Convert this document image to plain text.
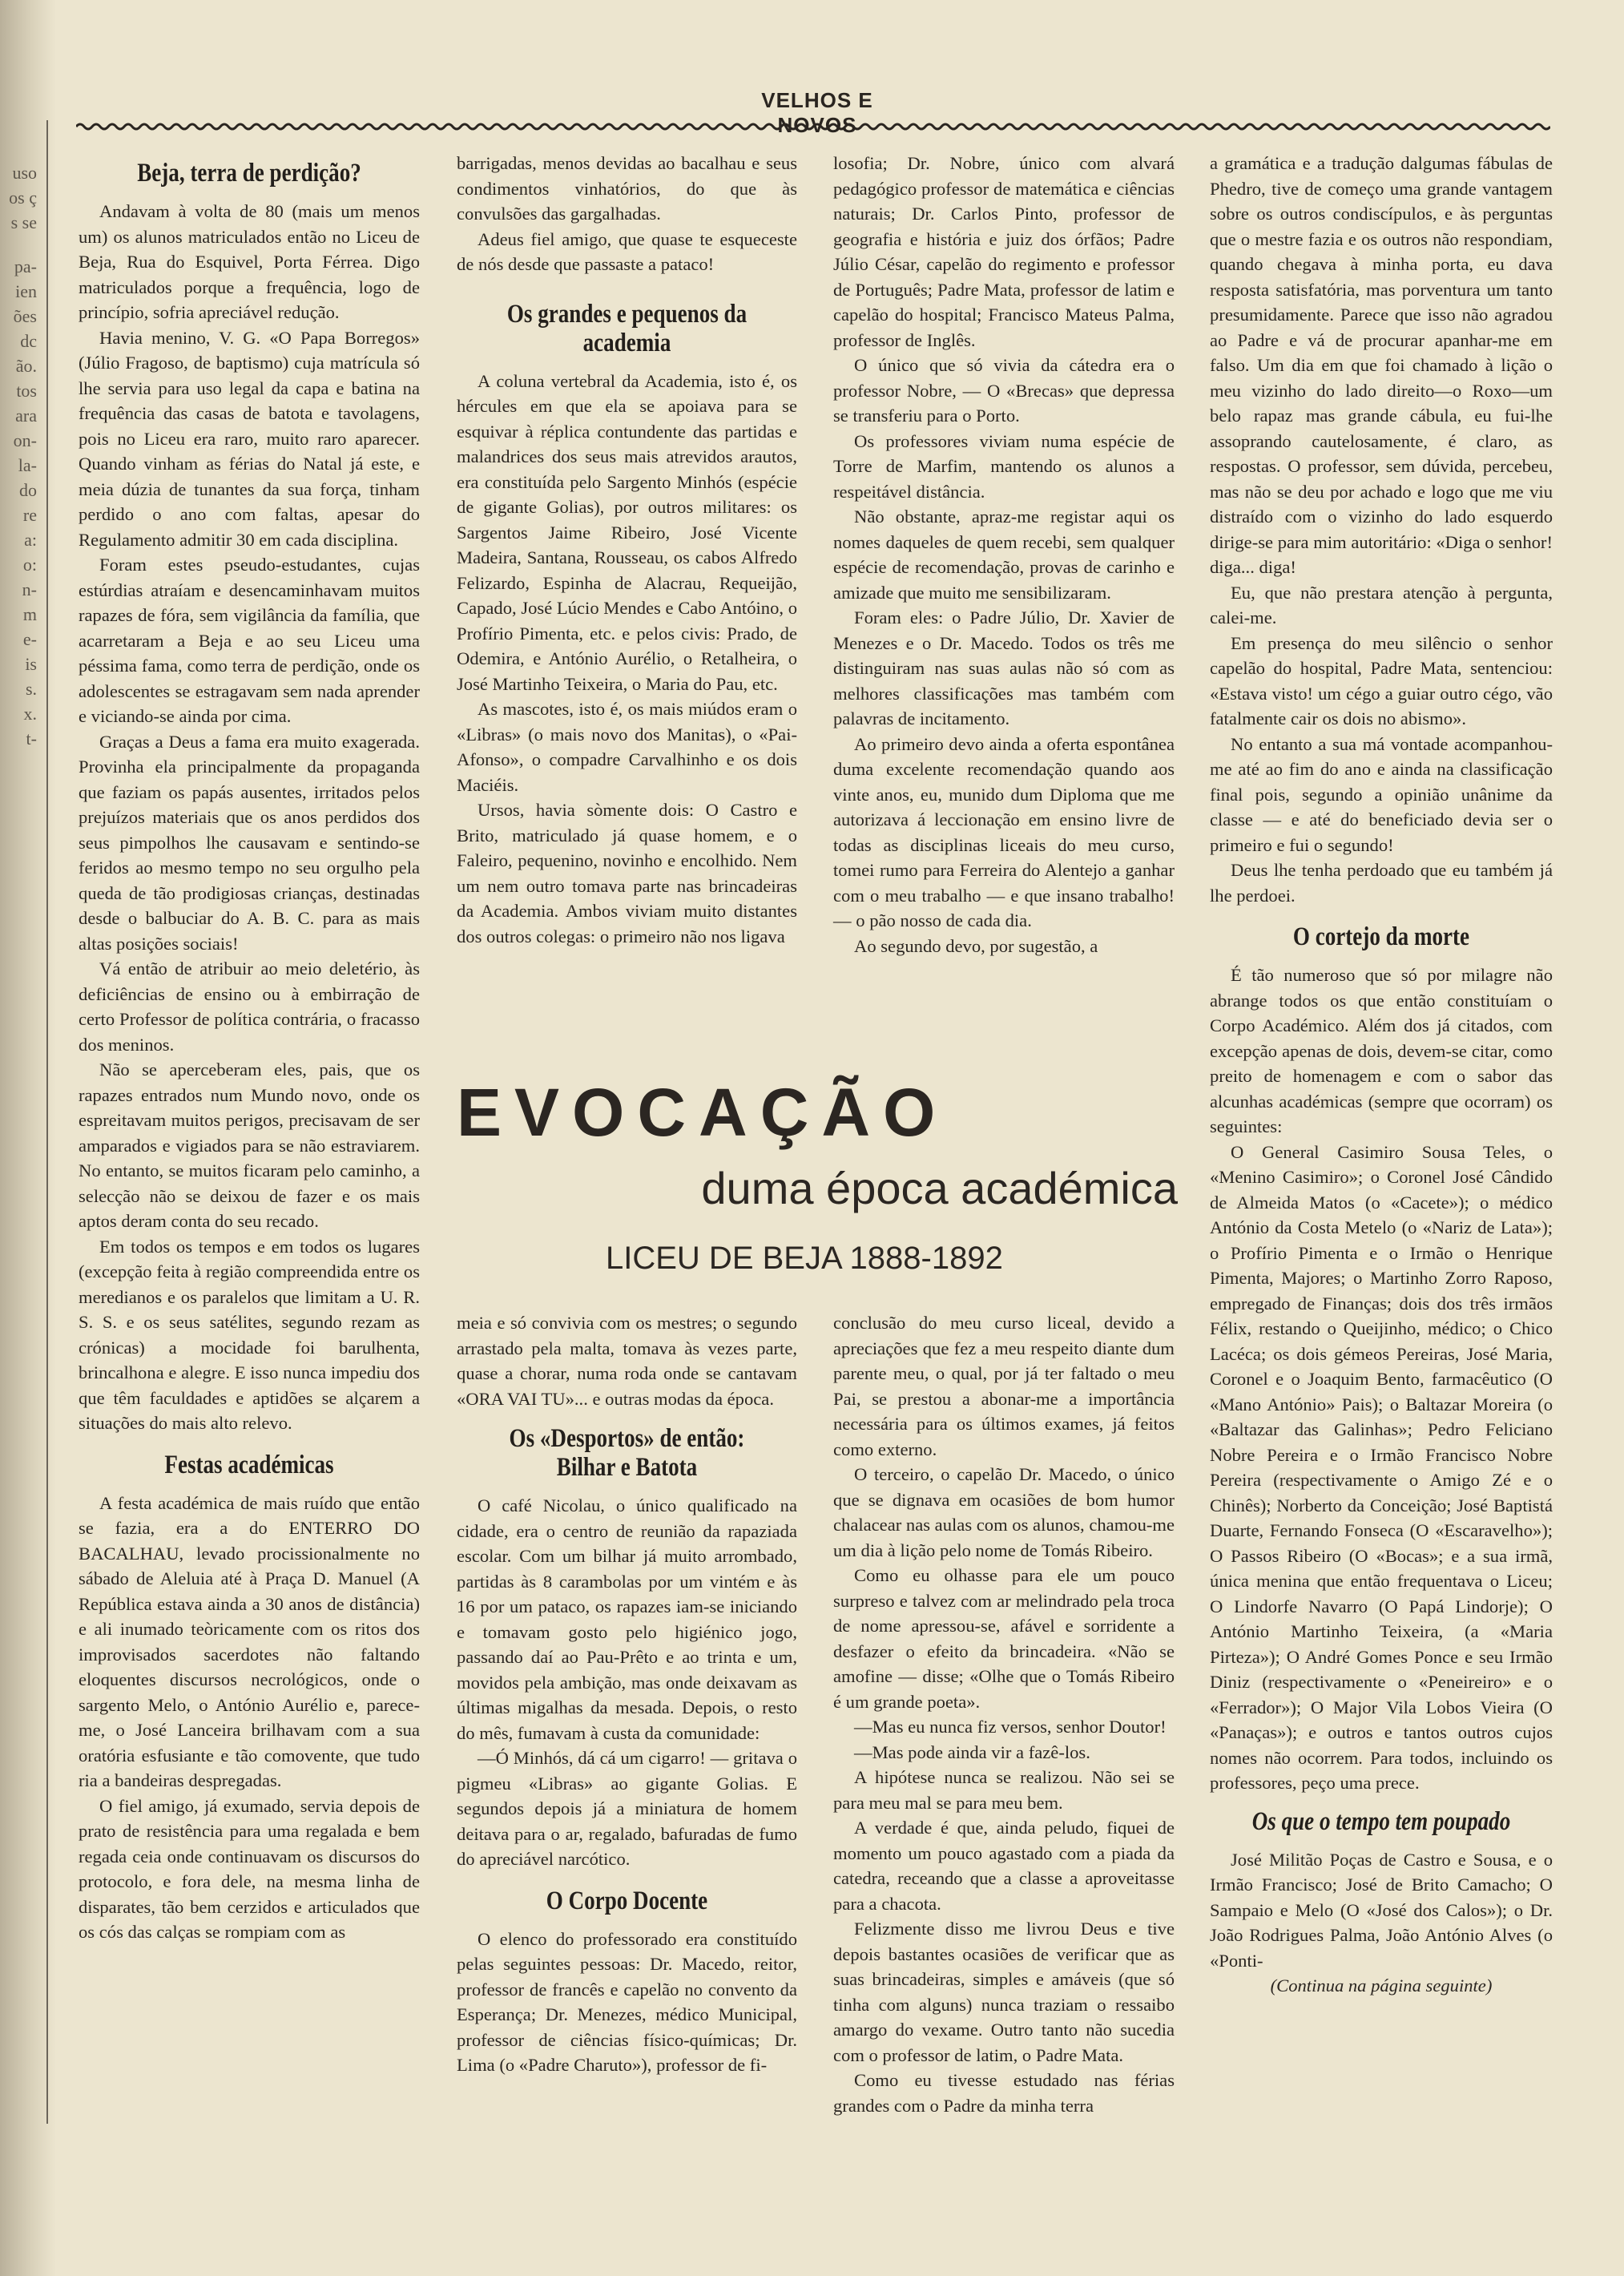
uso
os ç
s se
pa-
ien
ões
dc
ão.
tos
ara
on-
la-
do
re
a:
o:
n-
m
e-
is
s.
x.
t-
VELHOS E NOVOS
Beja, terra de perdição?

Andavam à volta de 80 (mais um menos um) os alunos matriculados então no Liceu de Beja, Rua do Esquivel, Porta Férrea. Digo matriculados porque a frequência, logo de princípio, sofria apreciável redução.

Havia menino, V. G. «O Papa Borregos» (Júlio Fragoso, de baptismo) cuja matrícula só lhe servia para uso legal da capa e batina na frequência das casas de batota e tavolagens, pois no Liceu era raro, muito raro aparecer. Quando vinham as férias do Natal já este, e meia dúzia de tunantes da sua força, tinham perdido o ano com faltas, apesar do Regulamento admitir 30 em cada disciplina.

Foram estes pseudo-estudantes, cujas estúrdias atraíam e desencaminhavam muitos rapazes de fóra, sem vigilância da família, que acarretaram a Beja e ao seu Liceu uma péssima fama, como terra de perdição, onde os adolescentes se estragavam sem nada aprender e viciando-se ainda por cima.

Graças a Deus a fama era muito exagerada. Provinha ela principalmente da propaganda que faziam os papás ausentes, irritados pelos prejuízos materiais que os anos perdidos dos seus pimpolhos lhe causavam e sentindo-se feridos ao mesmo tempo no seu orgulho pela queda de tão prodigiosas crianças, destinadas desde o balbuciar do A. B. C. para as mais altas posições sociais!

Vá então de atribuir ao meio deletério, às deficiências de ensino ou à embirração de certo Professor de política contrária, o fracasso dos meninos.

Não se aperceberam eles, pais, que os rapazes entrados num Mundo novo, onde os espreitavam muitos perigos, precisavam de ser amparados e vigiados para se não estraviarem. No entanto, se muitos ficaram pelo caminho, a selecção não se deixou de fazer e os mais aptos deram conta do seu recado.

Em todos os tempos e em todos os lugares (excepção feita à região compreendida entre os meredianos e os paralelos que limitam a U. R. S. S. e os seus satélites, segundo rezam as crónicas) a mocidade foi barulhenta, brincalhona e alegre. E isso nunca impediu dos que têm faculdades e aptidões se alçarem a situações do mais alto relevo.

Festas académicas

A festa académica de mais ruído que então se fazia, era a do ENTERRO DO BACALHAU, levado procissionalmente no sábado de Aleluia até à Praça D. Manuel (A República estava ainda a 30 anos de distância) e ali inumado teòricamente com os ritos dos improvisados sacerdotes não faltando eloquentes discursos necrológicos, onde o sargento Melo, o António Aurélio e, parece-me, o José Lanceira brilhavam com a sua oratória esfusiante e tão comovente, que tudo ria a bandeiras despregadas.

O fiel amigo, já exumado, servia depois de prato de resistência para uma regalada e bem regada ceia onde continuavam os discursos do protocolo, e fora dele, na mesma linha de disparates, tão bem cerzidos e articulados que os cós das calças se rompiam com as

barrigadas, menos devidas ao bacalhau e seus condimentos vinhatórios, do que às convulsões das gargalhadas.

Adeus fiel amigo, que quase te esqueceste de nós desde que passaste a pataco!

Os grandes e pequenos da academia

A coluna vertebral da Academia, isto é, os hércules em que ela se apoiava para se esquivar à réplica contundente das partidas e malandrices dos seus mais atrevidos arautos, era constituída pelo Sargento Minhós (espécie de gigante Golias), por outros militares: os Sargentos Jaime Ribeiro, José Vicente Madeira, Santana, Rousseau, os cabos Alfredo Felizardo, Espinha de Alacrau, Requeijão, Capado, José Lúcio Mendes e Cabo Antóino, o Profírio Pimenta, etc. e pelos civis: Prado, de Odemira, e António Aurélio, o Retalheira, o José Martinho Teixeira, o Maria do Pau, etc.

As mascotes, isto é, os mais miúdos eram o «Libras» (o mais novo dos Manitas), o «Pai-Afonso», o compadre Carvalhinho e os dois Maciéis.

Ursos, havia sòmente dois: O Castro e Brito, matriculado já quase homem, e o Faleiro, pequenino, novinho e encolhido. Nem um nem outro tomava parte nas brincadeiras da Academia. Ambos viviam muito distantes dos outros colegas: o primeiro não nos ligava

losofia; Dr. Nobre, único com alvará pedagógico professor de matemática e ciências naturais; Dr. Carlos Pinto, professor de geografia e história e juiz dos órfãos; Padre Júlio César, capelão do regimento e professor de Português; Padre Mata, professor de latim e capelão do hospital; Francisco Mateus Palma, professor de Inglês.

O único que só vivia da cátedra era o professor Nobre, — O «Brecas» que depressa se transferiu para o Porto.

Os professores viviam numa espécie de Torre de Marfim, mantendo os alunos a respeitável distância.

Não obstante, apraz-me registar aqui os nomes daqueles de quem recebi, sem qualquer espécie de recomendação, provas de carinho e amizade que muito me sensibilizaram.

Foram eles: o Padre Júlio, Dr. Xavier de Menezes e o Dr. Macedo. Todos os três me distinguiram nas suas aulas não só com as melhores classificações mas também com palavras de incitamento.

Ao primeiro devo ainda a oferta espontânea duma excelente recomendação quando aos vinte anos, eu, munido dum Diploma que me autorizava á leccionação em ensino livre de todas as disciplinas liceais do meu curso, tomei rumo para Ferreira do Alentejo a ganhar com o meu trabalho — e que insano trabalho! — o pão nosso de cada dia.

Ao segundo devo, por sugestão, a

a gramática e a tradução dalgumas fábulas de Phedro, tive de começo uma grande vantagem sobre os outros condiscípulos, e às perguntas que o mestre fazia e os outros não respondiam, quando chegava à minha porta, eu dava resposta satisfatória, mas porventura um tanto presumidamente. Parece que isso não agradou ao Padre e vá de procurar apanhar-me em falso. Um dia em que foi chamado à lição o meu vizinho do lado direito—o Roxo—um belo rapaz mas grande cábula, eu fui-lhe assoprando cautelosamente, é claro, as respostas. O professor, sem dúvida, percebeu, mas não se deu por achado e logo que me viu distraído com o vizinho do lado esquerdo dirige-se para mim autoritário: «Diga o senhor! diga... diga!

Eu, que não prestara atenção à pergunta, calei-me.

Em presença do meu silêncio o senhor capelão do hospital, Padre Mata, sentenciou: «Estava visto! um cégo a guiar outro cégo, vão fatalmente cair os dois no abismo».

No entanto a sua má vontade acompanhou-me até ao fim do ano e ainda na classificação final pois, segundo a opinião unânime da classe — e até do beneficiado devia ser o primeiro e fui o segundo!

Deus lhe tenha perdoado que eu também já lhe perdoei.

O cortejo da morte

É tão numeroso que só por milagre não abrange todos os que então constituíam o Corpo Académico. Além dos já citados, com excepção apenas de dois, devem-se citar, como preito de homenagem e com o sabor das alcunhas académicas (sempre que ocorram) os seguintes:

O General Casimiro Sousa Teles, o «Menino Casimiro»; o Coronel José Cândido de Almeida Matos (o «Cacete»); o médico António da Costa Metelo (o «Nariz de Lata»); o Profírio Pimenta e o Irmão o Henrique Pimenta, Majores; o Martinho Zorro Raposo, empregado de Finanças; dois dos três irmãos Félix, restando o Queijinho, médico; o Chico Lacéca; os dois gémeos Pereiras, José Maria, Coronel e o Joaquim Bento, farmacêutico (O «Mano António» Pais); o Baltazar Moreira (o «Baltazar das Galinhas»; Pedro Feliciano Nobre Pereira e o Irmão Francisco Nobre Pereira (respectivamente o Amigo Zé e o Chinês); Norberto da Conceição; José Baptistá Duarte, Fernando Fonseca (O «Escaravelho»); O Passos Ribeiro (O «Bocas»; e a sua irmã, única menina que então frequentava o Liceu; O Lindorfe Navarro (O Papá Lindorje); O António Martinho Teixeira, (a «Maria Pirteza»); O André Gomes Ponce e seu Irmão Diniz (respectivamente o «Peneireiro» e o «Ferrador»); O Major Vila Lobos Vieira (O «Panaças»); e outros e tantos outros cujos nomes não ocorrem. Para todos, incluindo os professores, peço uma prece.

Os que o tempo tem poupado

José Militão Poças de Castro e Sousa, e o Irmão Francisco; José de Brito Camacho; O Sampaio e Melo (O «José dos Calos»); o Dr. João Rodrigues Palma, João António Alves (o «Ponti-

(Continua na página seguinte)

EVOCAÇÃO
duma época académica
LICEU DE BEJA 1888-1892

meia e só convivia com os mestres; o segundo arrastado pela malta, tomava às vezes parte, quase a chorar, numa roda onde se cantavam «ORA VAI TU»... e outras modas da época.

Os «Desportos» de então: Bilhar e Batota

O café Nicolau, o único qualificado na cidade, era o centro de reunião da rapaziada escolar. Com um bilhar já muito arrombado, partidas às 8 carambolas por um vintém e às 16 por um pataco, os rapazes iam-se iniciando e tomavam gosto pelo higiénico jogo, passando daí ao Pau-Prêto e ao trinta e um, movidos pela ambição, mas onde deixavam as últimas migalhas da mesada. Depois, o resto do mês, fumavam à custa da comunidade:

—Ó Minhós, dá cá um cigarro! — gritava o pigmeu «Libras» ao gigante Golias. E segundos depois já a miniatura de homem deitava para o ar, regalado, bafuradas de fumo do apreciável narcótico.

O Corpo Docente

O elenco do professorado era constituído pelas seguintes pessoas: Dr. Macedo, reitor, professor de francês e capelão no convento da Esperança; Dr. Menezes, médico Municipal, professor de ciências físico-químicas; Dr. Lima (o «Padre Charuto»), professor de fi-

conclusão do meu curso liceal, devido a apreciações que fez a meu respeito diante dum parente meu, o qual, por já ter faltado o meu Pai, se prestou a abonar-me a importância necessária para os últimos exames, já feitos como externo.

O terceiro, o capelão Dr. Macedo, o único que se dignava em ocasiões de bom humor chalacear nas aulas com os alunos, chamou-me um dia à lição pelo nome de Tomás Ribeiro.

Como eu olhasse para ele um pouco surpreso e talvez com ar melindrado pela troca de nome apressou-se, afável e sorridente a desfazer o efeito da brincadeira. «Não se amofine — disse; «Olhe que o Tomás Ribeiro é um grande poeta».

—Mas eu nunca fiz versos, senhor Doutor!

—Mas pode ainda vir a fazê-los.

A hipótese nunca se realizou. Não sei se para meu mal se para meu bem.

A verdade é que, ainda peludo, fiquei de momento um pouco agastado com a piada da catedra, receando que a classe a aproveitasse para a chacota.

Felizmente disso me livrou Deus e tive depois bastantes ocasiões de verificar que as suas brincadeiras, simples e amáveis (que só tinha com alguns) nunca traziam o ressaibo amargo do vexame. Outro tanto não sucedia com o professor de latim, o Padre Mata.

Como eu tivesse estudado nas férias grandes com o Padre da minha terra
